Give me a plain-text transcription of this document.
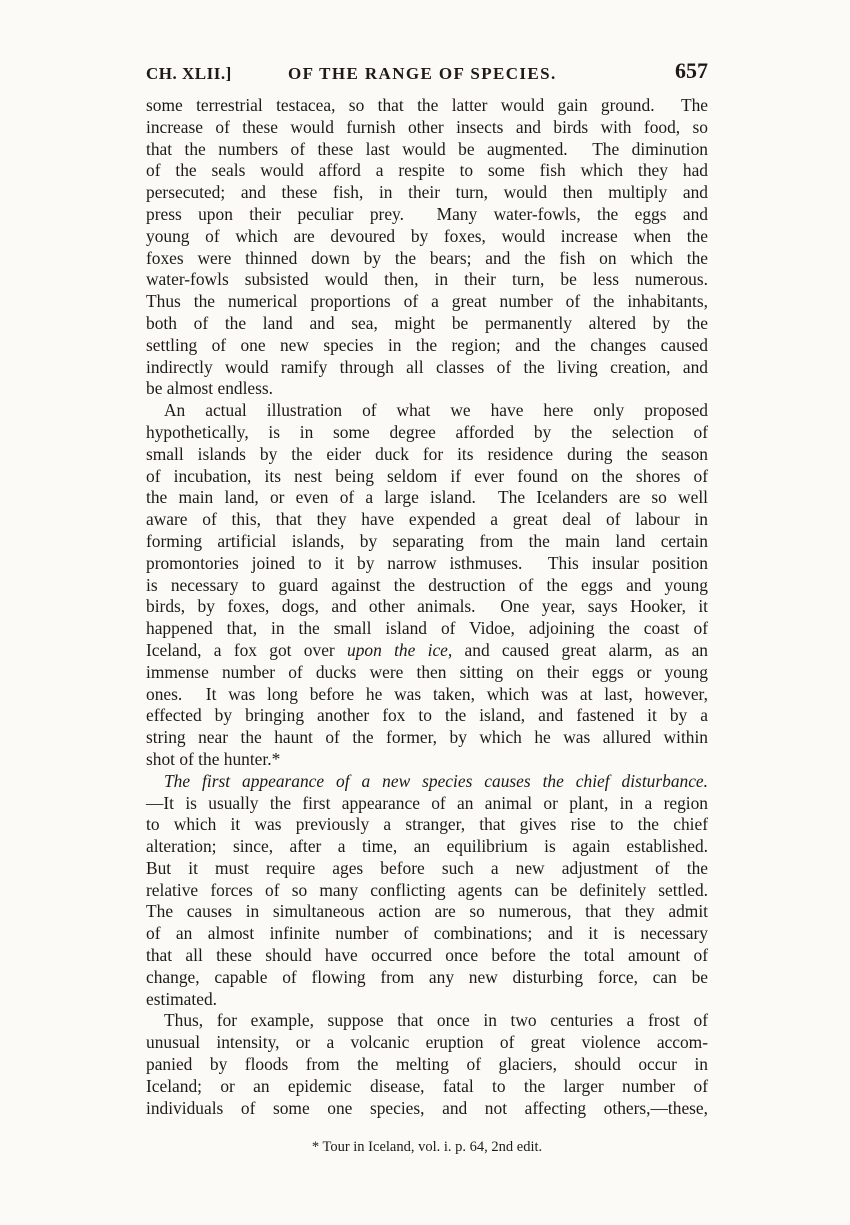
CH. XLII.]	OF THE RANGE OF SPECIES.	657
some terrestrial testacea, so that the latter would gain ground.  The
increase of these would furnish other insects and birds with food, so
that the numbers of these last would be augmented.  The diminution
of the seals would afford a respite to some fish which they had
persecuted; and these fish, in their turn, would then multiply and
press upon their peculiar prey.  Many water-fowls, the eggs and
young of which are devoured by foxes, would increase when the
foxes were thinned down by the bears; and the fish on which the
water-fowls subsisted would then, in their turn, be less numerous.
Thus the numerical proportions of a great number of the inhabitants,
both of the land and sea, might be permanently altered by the
settling of one new species in the region; and the changes caused
indirectly would ramify through all classes of the living creation, and
be almost endless.
An actual illustration of what we have here only proposed
hypothetically, is in some degree afforded by the selection of
small islands by the eider duck for its residence during the season
of incubation, its nest being seldom if ever found on the shores of
the main land, or even of a large island.  The Icelanders are so well
aware of this, that they have expended a great deal of labour in
forming artificial islands, by separating from the main land certain
promontories joined to it by narrow isthmuses.  This insular position
is necessary to guard against the destruction of the eggs and young
birds, by foxes, dogs, and other animals.  One year, says Hooker, it
happened that, in the small island of Vidoe, adjoining the coast of
Iceland, a fox got over upon the ice, and caused great alarm, as an
immense number of ducks were then sitting on their eggs or young
ones.  It was long before he was taken, which was at last, however,
effected by bringing another fox to the island, and fastened it by a
string near the haunt of the former, by which he was allured within
shot of the hunter.*
The first appearance of a new species causes the chief disturbance.
—It is usually the first appearance of an animal or plant, in a region
to which it was previously a stranger, that gives rise to the chief
alteration; since, after a time, an equilibrium is again established.
But it must require ages before such a new adjustment of the
relative forces of so many conflicting agents can be definitely settled.
The causes in simultaneous action are so numerous, that they admit
of an almost infinite number of combinations; and it is necessary
that all these should have occurred once before the total amount of
change, capable of flowing from any new disturbing force, can be
estimated.
Thus, for example, suppose that once in two centuries a frost of
unusual intensity, or a volcanic eruption of great violence accom-
panied by floods from the melting of glaciers, should occur in
Iceland; or an epidemic disease, fatal to the larger number of
individuals of some one species, and not affecting others,—these,
* Tour in Iceland, vol. i. p. 64, 2nd edit.
